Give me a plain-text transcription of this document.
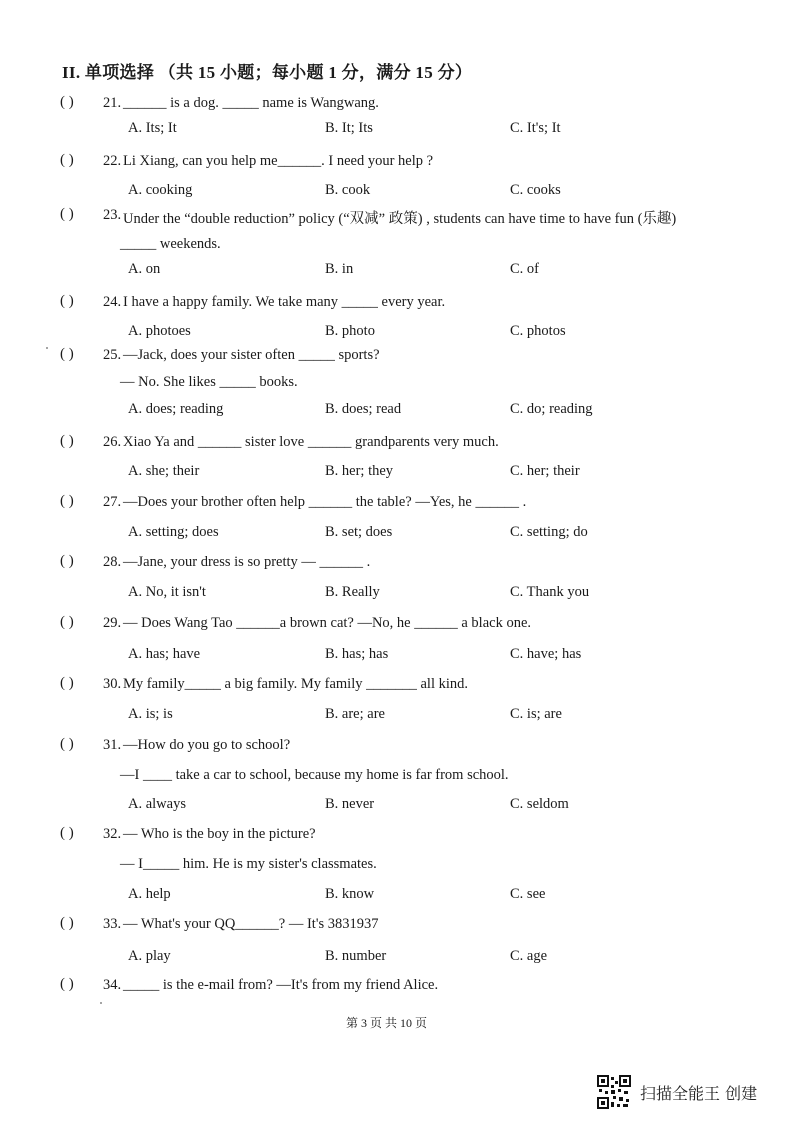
II. 单项选择 （共 15 小题；每小题 1 分，满分 15 分）
( ) 21. ______ is a dog. _____ name is Wangwang.
A. Its; It	B. It; Its	C. It's; It
( ) 22. Li Xiang, can you help me______. I need your help ?
A. cooking	B. cook	C. cooks
( ) 23. Under the “double reduction” policy (“双减” 政策) , students can have time to have fun (乐趣)
_____ weekends.
A. on	B. in	C. of
( ) 24. I have a happy family. We take many _____ every year.
A. photoes	B. photo	C. photos
( ) 25. —Jack, does your sister often _____ sports?
— No. She likes _____ books.
A. does; reading	B. does; read	C. do; reading
( ) 26. Xiao Ya and ______ sister love ______ grandparents very much.
A. she; their	B. her; they	C. her; their
( ) 27. —Does your brother often help ______ the table? —Yes, he ______ .
A. setting; does	B. set; does	C. setting; do
( ) 28. —Jane, your dress is so pretty — ______ .
A. No, it isn't	B. Really	C. Thank you
( ) 29. — Does Wang Tao ______a brown cat? —No, he ______ a black one.
A. has; have	B. has; has	C. have; has
( ) 30. My family_____ a big family. My family _______ all kind.
A. is; is	B. are; are	C. is; are
( ) 31. —How do you go to school?
—I ____ take a car to school, because my home is far from school.
A. always	B. never	C. seldom
( ) 32. — Who is the boy in the picture?
— I_____ him. He is my sister's classmates.
A. help	B. know	C. see
( ) 33. — What's your QQ______? — It's 3831937
A. play	B. number	C. age
( ) 34. _____ is the e-mail from? —It's from my friend Alice.
第 3 页 共 10 页
扫描全能王 创建
